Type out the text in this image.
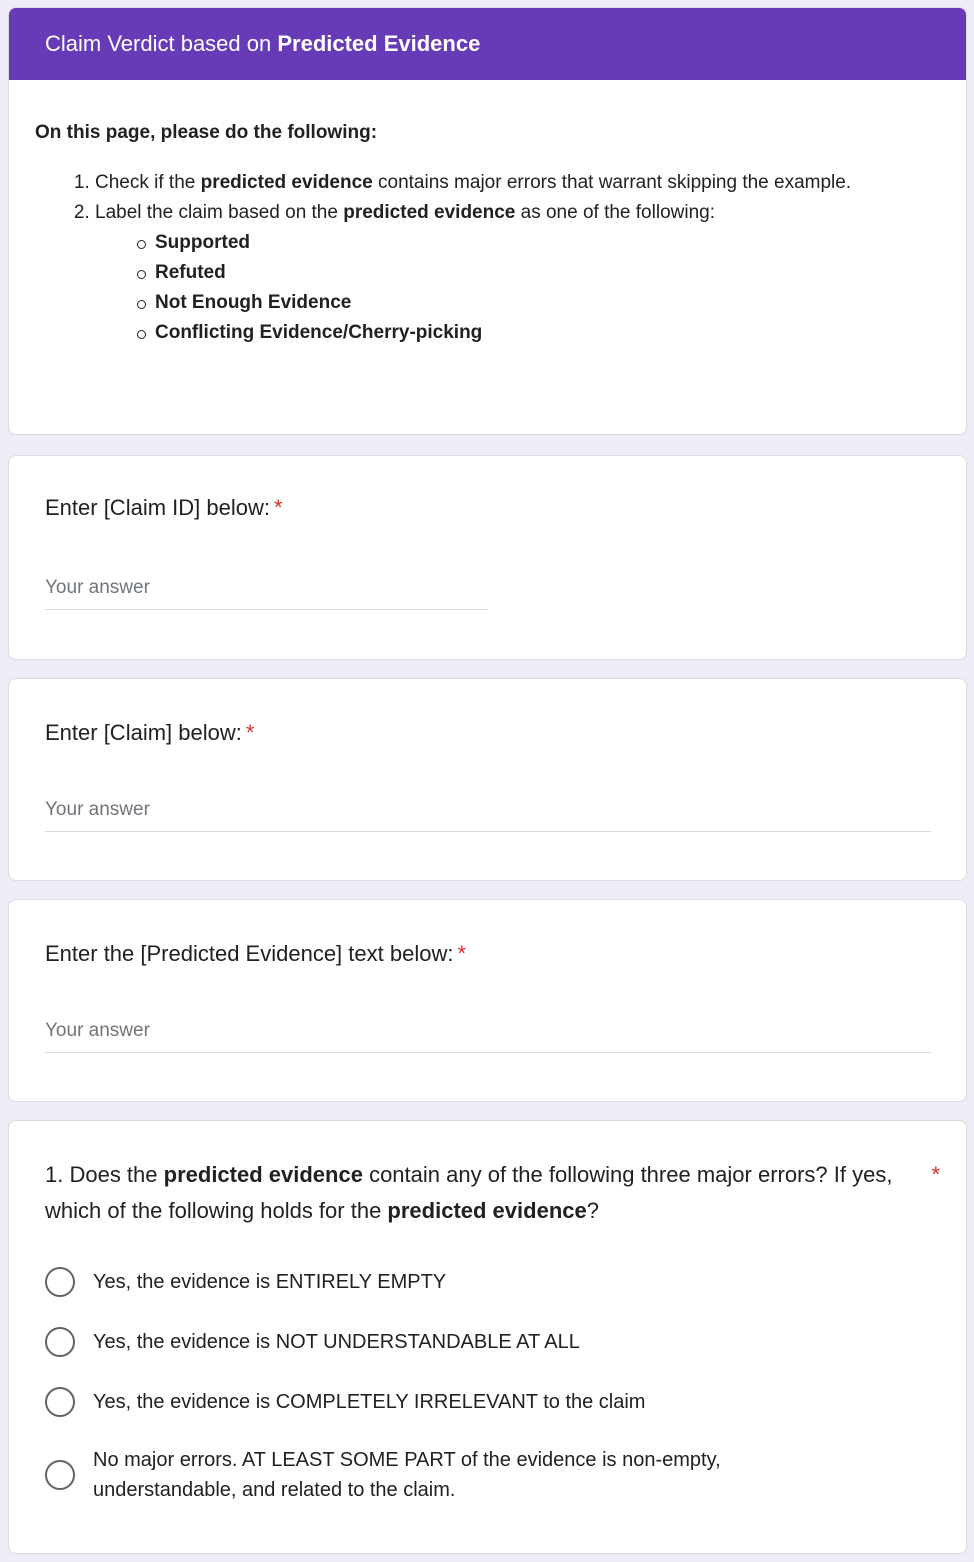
Claim Verdict based on Predicted Evidence
On this page, please do the following:
1. Check if the predicted evidence contains major errors that warrant skipping the example.
2. Label the claim based on the predicted evidence as one of the following:
Supported
Refuted
Not Enough Evidence
Conflicting Evidence/Cherry-picking
Enter [Claim ID] below: *
Your answer
Enter [Claim] below: *
Your answer
Enter the [Predicted Evidence] text below: *
Your answer
1. Does the predicted evidence contain any of the following three major errors? If yes, which of the following holds for the predicted evidence?
*
Yes, the evidence is ENTIRELY EMPTY
Yes, the evidence is NOT UNDERSTANDABLE AT ALL
Yes, the evidence is COMPLETELY IRRELEVANT to the claim
No major errors. AT LEAST SOME PART of the evidence is non-empty, understandable, and related to the claim.
